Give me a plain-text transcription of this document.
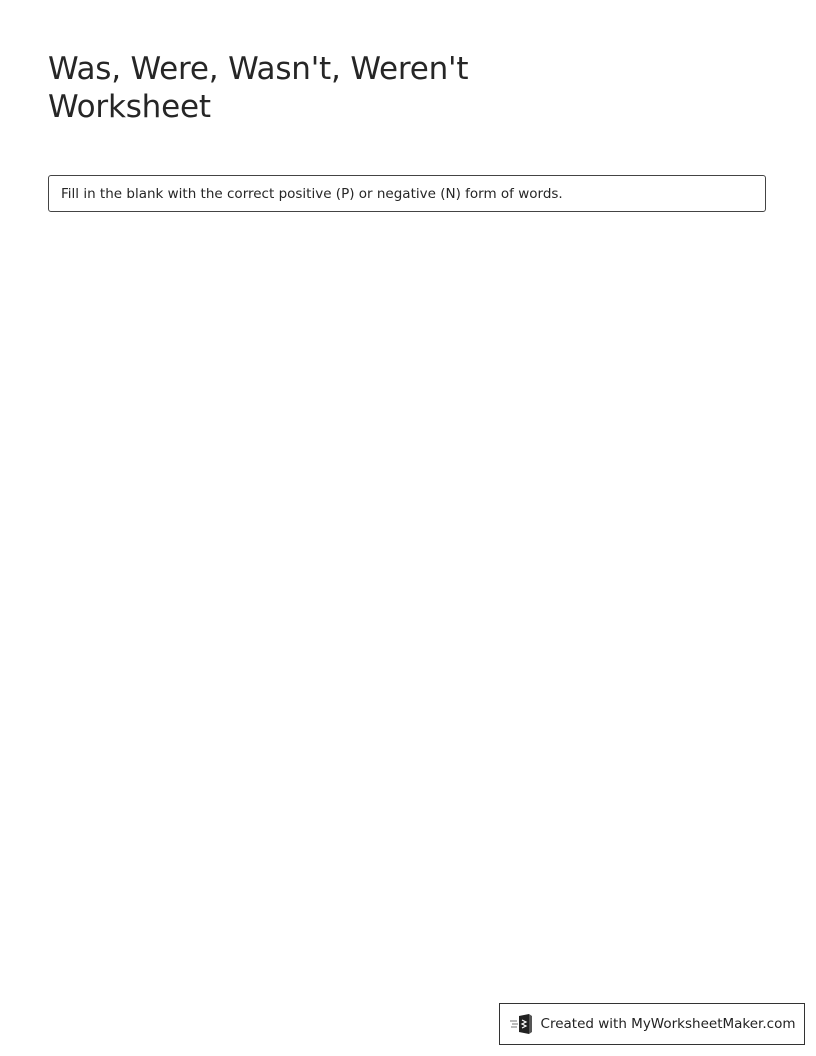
Was, Were, Wasn't, Weren't Worksheet
Fill in the blank with the correct positive (P) or negative (N) form of words.
Created with MyWorksheetMaker.com
